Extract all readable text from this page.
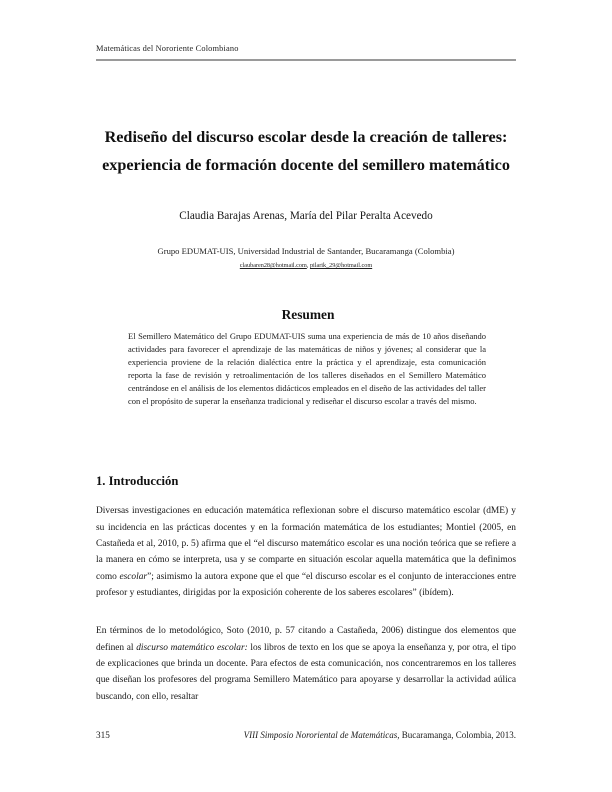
Matemáticas del Nororiente Colombiano
Rediseño del discurso escolar desde la creación de talleres: experiencia de formación docente del semillero matemático
Claudia Barajas Arenas, María del Pilar Peralta Acevedo
Grupo EDUMAT-UIS, Universidad Industrial de Santander, Bucaramanga (Colombia)
claubaren28@hotmail.com, pilarik_29@hotmail.com
Resumen
El Semillero Matemático del Grupo EDUMAT-UIS suma una experiencia de más de 10 años diseñando actividades para favorecer el aprendizaje de las matemáticas de niños y jóvenes; al considerar que la experiencia proviene de la relación dialéctica entre la práctica y el aprendizaje, esta comunicación reporta la fase de revisión y retroalimentación de los talleres diseñados en el Semillero Matemático centrándose en el análisis de los elementos didácticos empleados en el diseño de las actividades del taller con el propósito de superar la enseñanza tradicional y rediseñar el discurso escolar a través del mismo.
1. Introducción

Diversas investigaciones en educación matemática reflexionan sobre el discurso matemático escolar (dME) y su incidencia en las prácticas docentes y en la formación matemática de los estudiantes; Montiel (2005, en Castañeda et al, 2010, p. 5) afirma que el “el discurso matemático escolar es una noción teórica que se refiere a la manera en cómo se interpreta, usa y se comparte en situación escolar aquella matemática que la definimos como escolar”; asimismo la autora expone que el que “el discurso escolar es el conjunto de interacciones entre profesor y estudiantes, dirigidas por la exposición coherente de los saberes escolares” (ibídem).

En términos de lo metodológico, Soto (2010, p. 57 citando a Castañeda, 2006) distingue dos elementos que definen al discurso matemático escolar: los libros de texto en los que se apoya la enseñanza y, por otra, el tipo de explicaciones que brinda un docente. Para efectos de esta comunicación, nos concentraremos en los talleres que diseñan los profesores del programa Semillero Matemático para apoyarse y desarrollar la actividad aúlica buscando, con ello, resaltar

315	VIII Simposio Nororiental de Matemáticas, Bucaramanga, Colombia, 2013.
